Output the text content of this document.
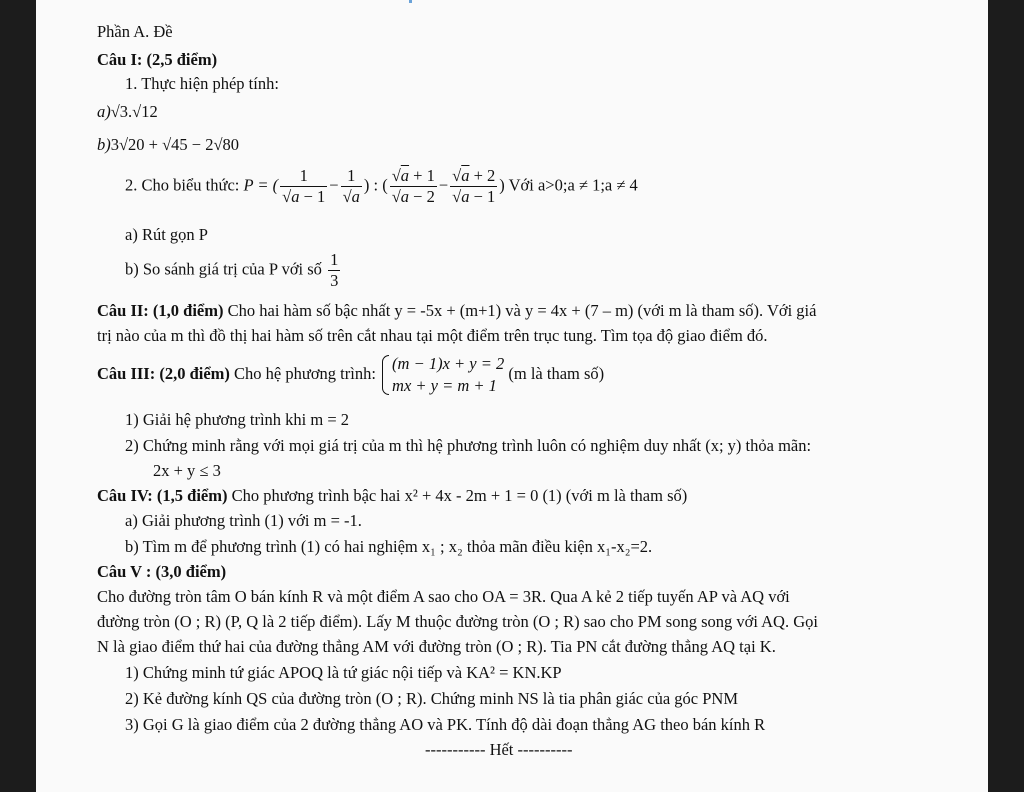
Phần A. Đề
Câu I: (2,5 điểm)
1. Thực hiện phép tính:
a)√3.√12
b)3√20 + √45 − 2√80
2. Cho biểu thức: P = ( $\frac{1}{√a - 1} - \frac{1}{√a}$ ) : ( $\frac{√a + 1}{√a - 2} - \frac{√a + 2}{√a - 1}$ ) Với a>0;a ≠ 1;a ≠ 4
a) Rút gọn P
b) So sánh giá trị của P với số $\frac{1}{3}$
Câu II: (1,0 điểm) Cho hai hàm số bậc nhất y = -5x + (m+1) và y = 4x + (7 – m) (với m là tham số). Với giá
trị nào của m thì đồ thị hai hàm số trên cắt nhau tại một điểm trên trục tung. Tìm tọa độ giao điểm đó.
Câu III: (2,0 điểm) Cho hệ phương trình:
(m − 1)x + y = 2
mx + y = m + 1
(m là tham số)
1) Giải hệ phương trình khi m = 2
2) Chứng minh rằng với mọi giá trị của m thì hệ phương trình luôn có nghiệm duy nhất (x; y) thỏa mãn:
2x + y ≤ 3
Câu IV: (1,5 điểm) Cho phương trình bậc hai x² + 4x - 2m + 1 = 0 (1) (với m là tham số)
a) Giải phương trình (1) với m = -1.
b) Tìm m để phương trình (1) có hai nghiệm x₁ ; x₂ thỏa mãn điều kiện x₁-x₂=2.
Câu V : (3,0 điểm)
Cho đường tròn tâm O bán kính R và một điểm A sao cho OA = 3R. Qua A kẻ 2 tiếp tuyến AP và AQ với
đường tròn (O ; R) (P, Q là 2 tiếp điểm). Lấy M thuộc đường tròn (O ; R) sao cho PM song song với AQ. Gọi
N là giao điểm thứ hai của đường thẳng AM với đường tròn (O ; R). Tia PN cắt đường thẳng AQ tại K.
1) Chứng minh tứ giác APOQ là tứ giác nội tiếp và KA² = KN.KP
2) Kẻ đường kính QS của đường tròn (O ; R). Chứng minh NS là tia phân giác của góc PNM
3) Gọi G là giao điểm của 2 đường thẳng AO và PK. Tính độ dài đoạn thẳng AG theo bán kính R
----------- Hết ----------
